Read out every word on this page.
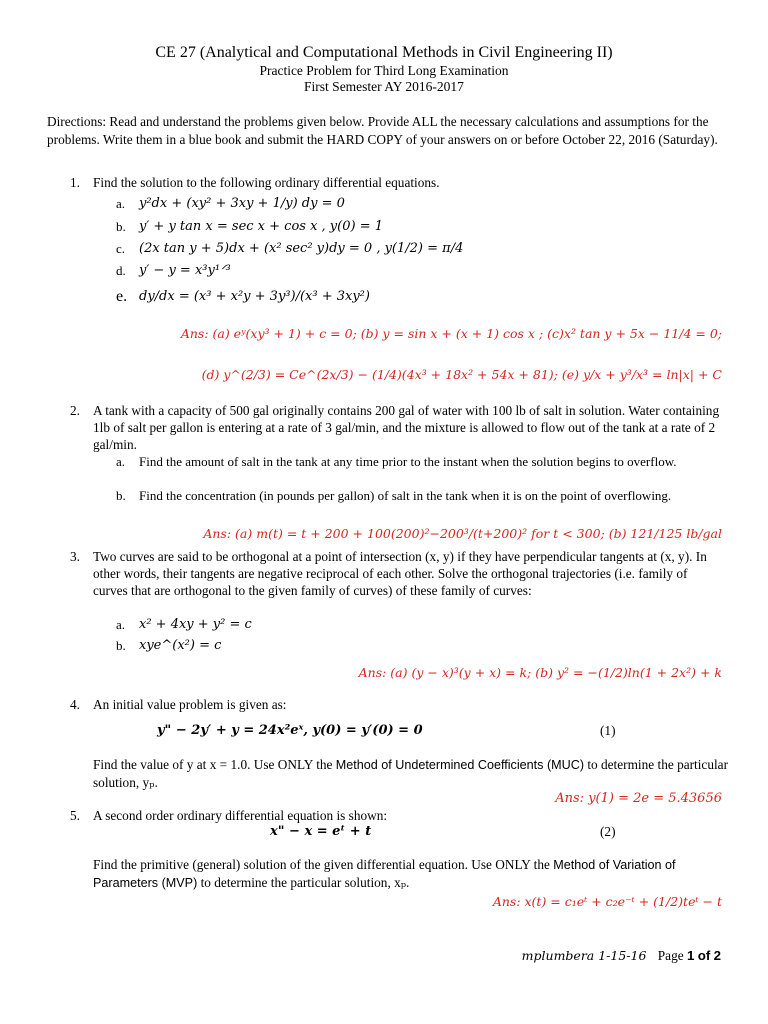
CE 27 (Analytical and Computational Methods in Civil Engineering II)
Practice Problem for Third Long Examination
First Semester AY 2016-2017
Directions: Read and understand the problems given below. Provide ALL the necessary calculations and assumptions for the problems. Write them in a blue book and submit the HARD COPY of your answers on or before October 22, 2016 (Saturday).
1. Find the solution to the following ordinary differential equations.
a.	y²dx + (xy² + 3xy + 1/y) dy = 0
b.	y′ + y tan x = sec x + cos x , y(0) = 1
c.	(2x tan y + 5)dx + (x² sec² y)dy = 0 , y(1/2) = π/4
d.	y′ − y = x³y¹ᐟ³
e. dy/dx = (x³ + x²y + 3y³)/(x³ + 3xy²)
Ans: (a) eʸ(xy³ + 1) + c = 0; (b) y = sin x + (x + 1) cos x ; (c)x² tan y + 5x − 11/4 = 0;
(d) y^(2/3) = Ce^(2x/3) − (1/4)(4x³ + 18x² + 54x + 81); (e) y/x + y³/x³ = ln|x| + C
2. A tank with a capacity of 500 gal originally contains 200 gal of water with 100 lb of salt in solution. Water containing 1lb of salt per gallon is entering at a rate of 3 gal/min, and the mixture is allowed to flow out of the tank at a rate of 2 gal/min.
a.	Find the amount of salt in the tank at any time prior to the instant when the solution begins to overflow.
b.	Find the concentration (in pounds per gallon) of salt in the tank when it is on the point of overflowing.
Ans: (a) m(t) = t + 200 + 100(200)²−200³/(t+200)² for t < 300; (b) 121/125 lb/gal
3. Two curves are said to be orthogonal at a point of intersection (x, y) if they have perpendicular tangents at (x, y). In other words, their tangents are negative reciprocal of each other. Solve the orthogonal trajectories (i.e. family of curves that are orthogonal to the given family of curves) of these family of curves:
a.	x² + 4xy + y² = c
b.	xye^(x²) = c
Ans: (a) (y − x)³(y + x) = k; (b) y² = −(1/2)ln(1 + 2x²) + k
4. An initial value problem is given as:
y" − 2y′ + y = 24x²eˣ, y(0) = y′(0) = 0	(1)
Find the value of y at x = 1.0. Use ONLY the Method of Undetermined Coefficients (MUC) to determine the particular solution, yₚ.
Ans: y(1) = 2e = 5.43656
5. A second order ordinary differential equation is shown:
x" − x = eᵗ + t	(2)
Find the primitive (general) solution of the given differential equation. Use ONLY the Method of Variation of Parameters (MVP) to determine the particular solution, xₚ.
Ans: x(t) = c₁eᵗ + c₂e⁻ᵗ + (1/2)teᵗ − t
mplumbera 1-15-16 Page 1 of 2
